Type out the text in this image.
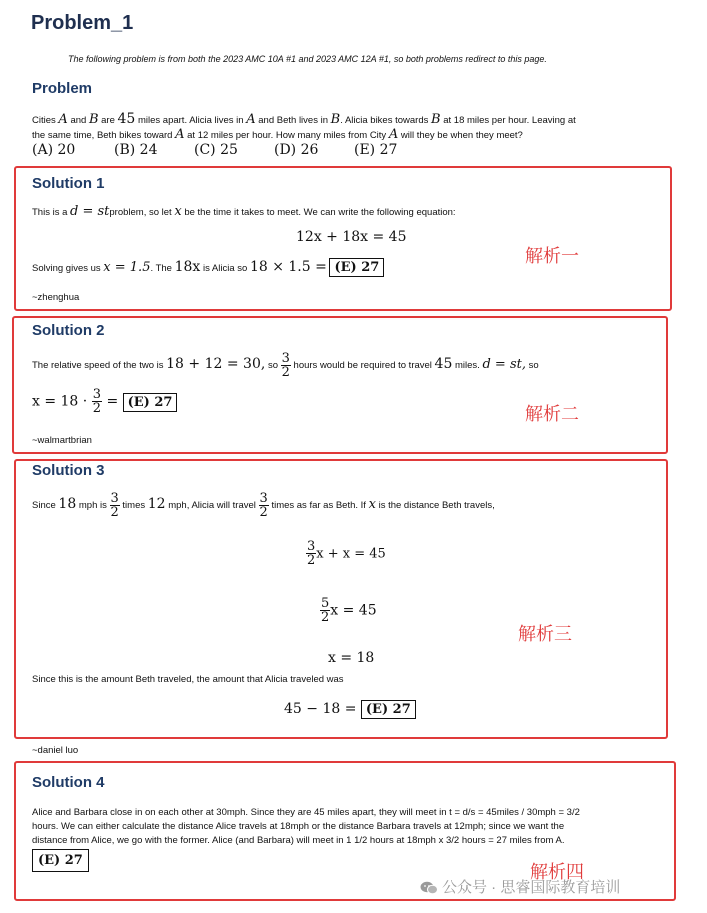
Problem_1
The following problem is from both the 2023 AMC 10A #1 and 2023 AMC 12A #1, so both problems redirect to this page.
Problem
Cities A and B are 45 miles apart. Alicia lives in A and Beth lives in B. Alicia bikes towards B at 18 miles per hour. Leaving at
the same time, Beth bikes toward A at 12 miles per hour. How many miles from City A will they be when they meet?
(A) 20	(B) 24	(C) 25	(D) 26	(E) 27
Solution 1
This is a d = stproblem, so let x be the time it takes to meet. We can write the following equation:
12x + 18x = 45
Solving gives us x = 1.5. The 18x is Alicia so 18 × 1.5 = (E) 27
~zhenghua
解析一
Solution 2
The relative speed of the two is 18 + 12 = 30, so $\frac{3}{2}$ hours would be required to travel 45 miles. d = st, so
$x = 18 \cdot \frac{3}{2} = (E)$ 27
~walmartbrian
解析二
Solution 3
Since 18 mph is $\frac{3}{2}$ times 12 mph, Alicia will travel $\frac{3}{2}$ times as far as Beth. If x is the distance Beth travels,
$\frac{3}{2}$ x + x = 45
$\frac{5}{2}$ x = 45
x = 18
Since this is the amount Beth traveled, the amount that Alicia traveled was
45 − 18 = (E) 27
解析三
~daniel luo
Solution 4
Alice and Barbara close in on each other at 30mph. Since they are 45 miles apart, they will meet in t = d/s = 45miles / 30mph = 3/2
hours. We can either calculate the distance Alice travels at 18mph or the distance Barbara travels at 12mph; since we want the
distance from Alice, we go with the former. Alice (and Barbara) will meet in 1 1/2 hours at 18mph x 3/2 hours = 27 miles from A.
(E) 27
解析四
公众号 · 思睿国际教育培训
